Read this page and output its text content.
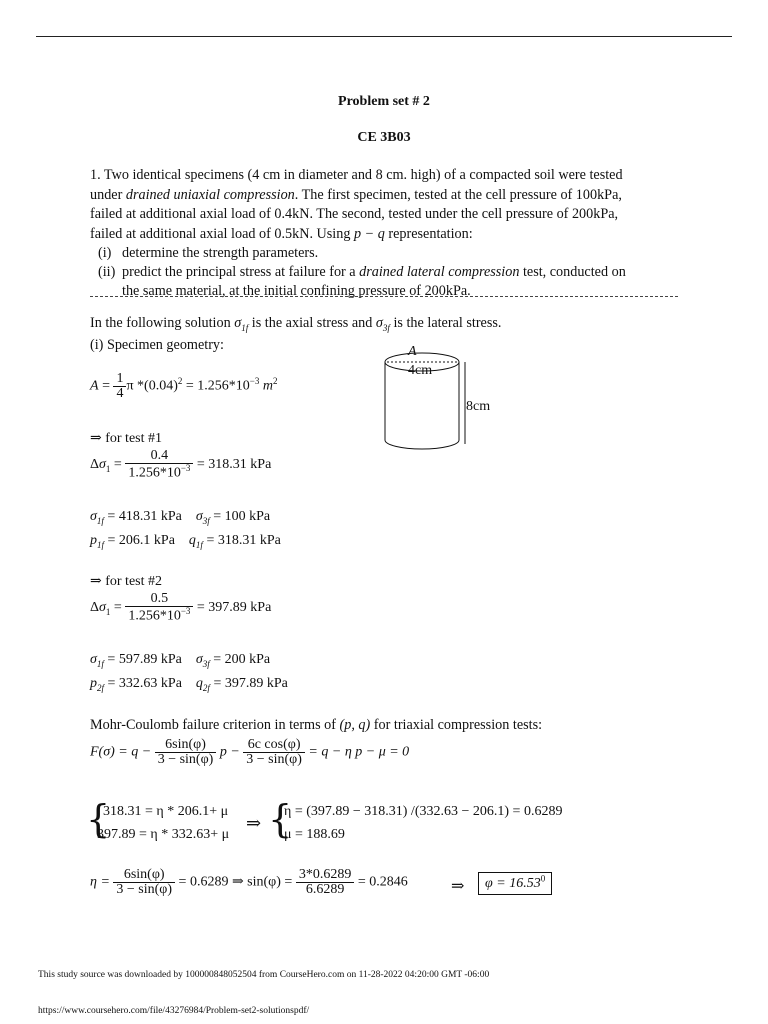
Problem set # 2
CE 3B03
1. Two identical specimens (4 cm in diameter and 8 cm. high) of a compacted soil were tested
under drained uniaxial compression. The first specimen, tested at the cell pressure of 100kPa,
failed at additional axial load of 0.4kN. The second, tested under the cell pressure of 200kPa,
failed at additional axial load of 0.5kN. Using p − q representation:
(i) determine the strength parameters.
(ii) predict the principal stress at failure for a drained lateral compression test, conducted on
the same material, at the initial confining pressure of 200kPa.
In the following solution $\sigma_{1f}$ is the axial stress and $\sigma_{3f}$ is the lateral stress.
(i) Specimen geometry:
$A = \frac{1}{4}$ π $*(0.04)^2 = 1.256*10^{-3}$ $m^2$
A
4cm
8cm
⇒ for test #1
$\Delta\sigma_1 = \frac{0.4}{1.256*10^{-3}} = 318.31$ kPa
$\sigma_{1f} = 418.31$ kPa $\sigma_{3f} = 100$ kPa
$p_{1f} = 206.1$ kPa $q_{1f} = 318.31$ kPa
⇒ for test #2
$\Delta\sigma_1 = \frac{0.5}{1.256*10^{-3}} = 397.89$ kPa
$\sigma_{1f} = 597.89$ kPa $\sigma_{3f} = 200$ kPa
$p_{2f} = 332.63$ kPa $q_{2f} = 397.89$ kPa
Mohr-Coulomb failure criterion in terms of (p, q) for triaxial compression tests:
$F(\sigma) = q - \frac{6\sin(\varphi)}{3 - \sin(\varphi)}$ $p - \frac{\text{6c cos(φ)}}{3 - \sin(\varphi)} = q - \eta$ p − μ = 0
{
318.31 = η * 206.1+ μ
397.89 = η * 332.63+ μ
⇒ {
η = (397.89 − 318.31) /(332.63 − 206.1) = 0.6289
μ = 188.69
$\eta = \frac{6\sin(\varphi)}{3 - \sin(\varphi)} = 0.6289$ ⇒ $\sin(\varphi) = \frac{3*0.6289}{6.6289} = 0.2846$	⇒	$\varphi = 16.53^0$
This study source was downloaded by 100000848052504 from CourseHero.com on 11-28-2022 04:20:00 GMT -06:00
https://www.coursehero.com/file/43276984/Problem-set2-solutionspdf/
